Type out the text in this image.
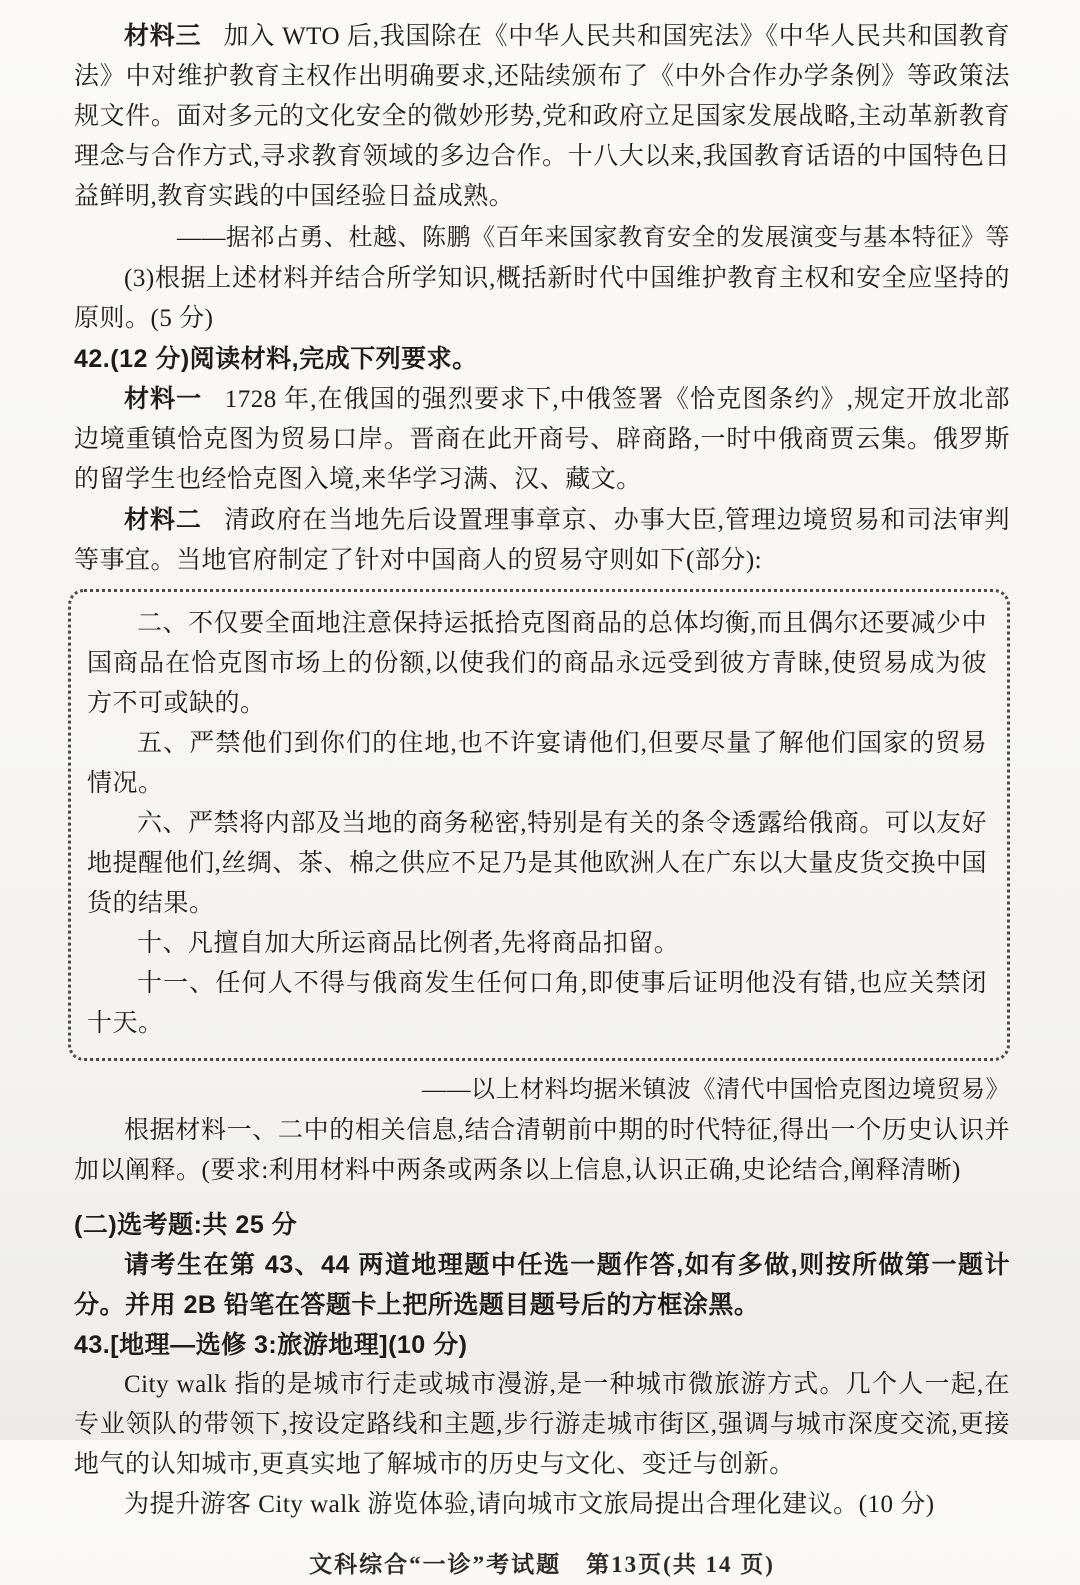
材料三 加入 WTO 后,我国除在《中华人民共和国宪法》《中华人民共和国教育法》中对维护教育主权作出明确要求,还陆续颁布了《中外合作办学条例》等政策法规文件。面对多元的文化安全的微妙形势,党和政府立足国家发展战略,主动革新教育理念与合作方式,寻求教育领域的多边合作。十八大以来,我国教育话语的中国特色日益鲜明,教育实践的中国经验日益成熟。

——据祁占勇、杜越、陈鹏《百年来国家教育安全的发展演变与基本特征》等

(3)根据上述材料并结合所学知识,概括新时代中国维护教育主权和安全应坚持的原则。(5 分)

42.(12 分)阅读材料,完成下列要求。

材料一 1728 年,在俄国的强烈要求下,中俄签署《恰克图条约》,规定开放北部边境重镇恰克图为贸易口岸。晋商在此开商号、辟商路,一时中俄商贾云集。俄罗斯的留学生也经恰克图入境,来华学习满、汉、藏文。

材料二 清政府在当地先后设置理事章京、办事大臣,管理边境贸易和司法审判等事宜。当地官府制定了针对中国商人的贸易守则如下(部分):

二、不仅要全面地注意保持运抵拾克图商品的总体均衡,而且偶尔还要减少中国商品在恰克图市场上的份额,以使我们的商品永远受到彼方青睐,使贸易成为彼方不可或缺的。

五、严禁他们到你们的住地,也不许宴请他们,但要尽量了解他们国家的贸易情况。

六、严禁将内部及当地的商务秘密,特别是有关的条令透露给俄商。可以友好地提醒他们,丝绸、茶、棉之供应不足乃是其他欧洲人在广东以大量皮货交换中国货的结果。

十、凡擅自加大所运商品比例者,先将商品扣留。

十一、任何人不得与俄商发生任何口角,即使事后证明他没有错,也应关禁闭十天。

——以上材料均据米镇波《清代中国恰克图边境贸易》

根据材料一、二中的相关信息,结合清朝前中期的时代特征,得出一个历史认识并加以阐释。(要求:利用材料中两条或两条以上信息,认识正确,史论结合,阐释清晰)

(二)选考题:共 25 分

请考生在第 43、44 两道地理题中任选一题作答,如有多做,则按所做第一题计分。并用 2B 铅笔在答题卡上把所选题目题号后的方框涂黑。

43.[地理—选修 3:旅游地理](10 分)

City walk 指的是城市行走或城市漫游,是一种城市微旅游方式。几个人一起,在专业领队的带领下,按设定路线和主题,步行游走城市街区,强调与城市深度交流,更接地气的认知城市,更真实地了解城市的历史与文化、变迁与创新。

为提升游客 City walk 游览体验,请向城市文旅局提出合理化建议。(10 分)

文科综合“一诊”考试题　第13页(共 14 页)
